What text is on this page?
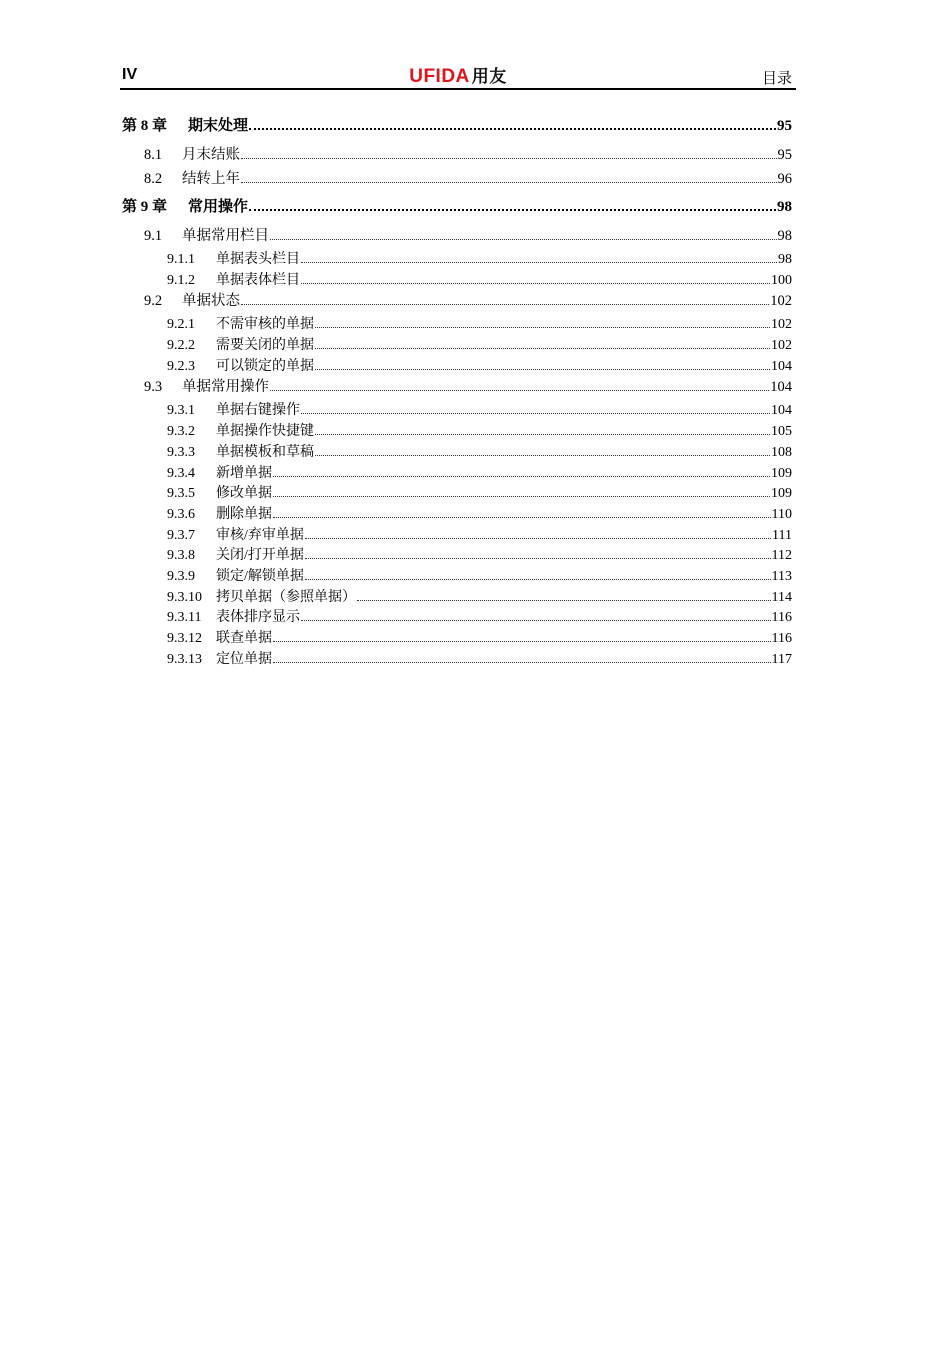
IV	UFIDA 用友	目录
第 8 章	期末处理	95
8.1	月末结账	95
8.2	结转上年	96
第 9 章	常用操作	98
9.1	单据常用栏目	98
9.1.1	单据表头栏目	98
9.1.2	单据表体栏目	100
9.2	单据状态	102
9.2.1	不需审核的单据	102
9.2.2	需要关闭的单据	102
9.2.3	可以锁定的单据	104
9.3	单据常用操作	104
9.3.1	单据右键操作	104
9.3.2	单据操作快捷键	105
9.3.3	单据模板和草稿	108
9.3.4	新增单据	109
9.3.5	修改单据	109
9.3.6	删除单据	110
9.3.7	审核/弃审单据	111
9.3.8	关闭/打开单据	112
9.3.9	锁定/解锁单据	113
9.3.10	拷贝单据（参照单据）	114
9.3.11	表体排序显示	116
9.3.12	联查单据	116
9.3.13	定位单据	117
